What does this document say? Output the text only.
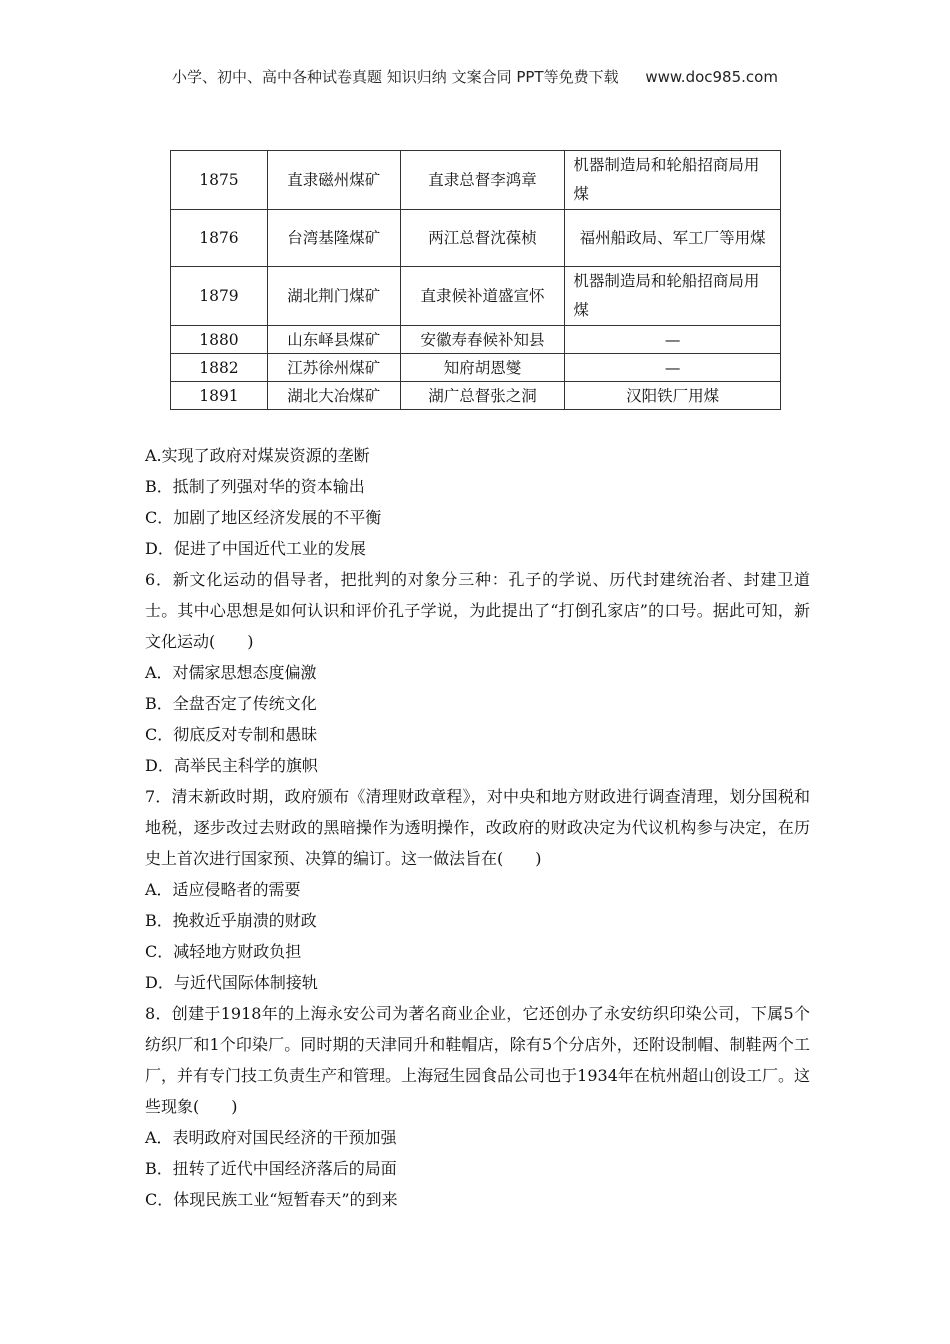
小学、初中、高中各种试卷真题 知识归纳 文案合同 PPT等免费下载 www.doc985.com
1875	直隶磁州煤矿	直隶总督李鸿章	机器制造局和轮船招商局用煤
1876	台湾基隆煤矿	两江总督沈葆桢	福州船政局、军工厂等用煤
1879	湖北荆门煤矿	直隶候补道盛宣怀	机器制造局和轮船招商局用煤
1880	山东峄县煤矿	安徽寿春候补知县	—
1882	江苏徐州煤矿	知府胡恩燮	—
1891	湖北大冶煤矿	湖广总督张之洞	汉阳铁厂用煤

A.实现了政府对煤炭资源的垄断

B．抵制了列强对华的资本输出

C．加剧了地区经济发展的不平衡

D．促进了中国近代工业的发展

6．新文化运动的倡导者，把批判的对象分三种：孔子的学说、历代封建统治者、封建卫道士。其中心思想是如何认识和评价孔子学说，为此提出了“打倒孔家店”的口号。据此可知，新文化运动(　　)

A．对儒家思想态度偏激

B．全盘否定了传统文化

C．彻底反对专制和愚昧

D．高举民主科学的旗帜

7．清末新政时期，政府颁布《清理财政章程》，对中央和地方财政进行调查清理，划分国税和地税，逐步改过去财政的黑暗操作为透明操作，改政府的财政决定为代议机构参与决定，在历史上首次进行国家预、决算的编订。这一做法旨在(　　)

A．适应侵略者的需要

B．挽救近乎崩溃的财政

C．减轻地方财政负担

D．与近代国际体制接轨

8．创建于1918年的上海永安公司为著名商业企业，它还创办了永安纺织印染公司，下属5个纺织厂和1个印染厂。同时期的天津同升和鞋帽店，除有5个分店外，还附设制帽、制鞋两个工厂，并有专门技工负责生产和管理。上海冠生园食品公司也于1934年在杭州超山创设工厂。这些现象(　　)

A．表明政府对国民经济的干预加强

B．扭转了近代中国经济落后的局面

C．体现民族工业“短暂春天”的到来
